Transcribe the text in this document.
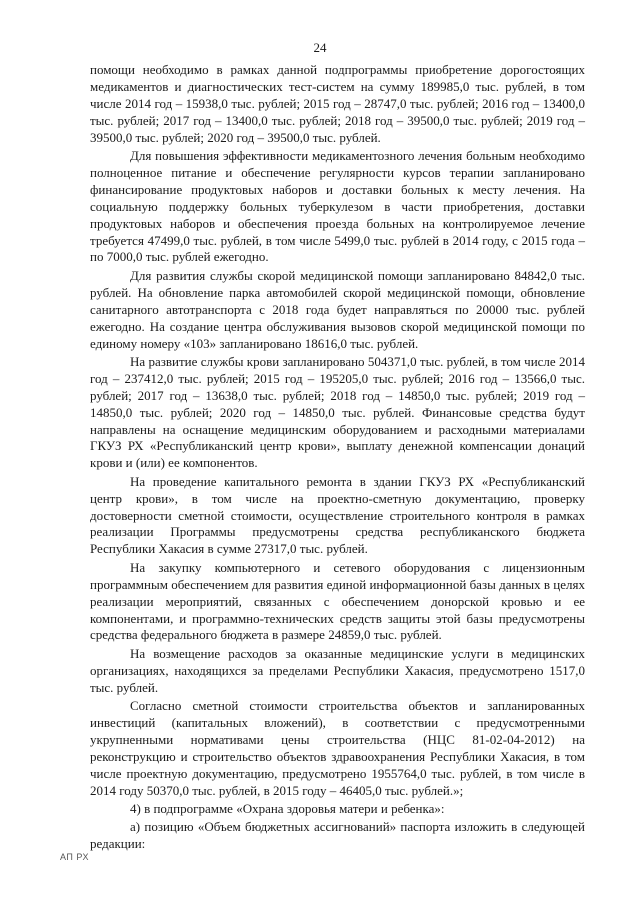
24

помощи необходимо в рамках данной подпрограммы приобретение дорогостоящих медикаментов и диагностических тест-систем на сумму 189985,0 тыс. рублей, в том числе 2014 год – 15938,0 тыс. рублей; 2015 год – 28747,0 тыс. рублей; 2016 год – 13400,0 тыс. рублей; 2017 год – 13400,0 тыс. рублей; 2018 год – 39500,0 тыс. рублей; 2019 год – 39500,0 тыс. рублей; 2020 год – 39500,0 тыс. рублей.

Для повышения эффективности медикаментозного лечения больным необходимо полноценное питание и обеспечение регулярности курсов терапии запланировано финансирование продуктовых наборов и доставки больных к месту лечения. На социальную поддержку больных туберкулезом в части приобретения, доставки продуктовых наборов и обеспечения проезда больных на контролируемое лечение требуется 47499,0 тыс. рублей, в том числе 5499,0 тыс. рублей в 2014 году, с 2015 года – по 7000,0 тыс. рублей ежегодно.

Для развития службы скорой медицинской помощи запланировано 84842,0 тыс. рублей. На обновление парка автомобилей скорой медицинской помощи, обновление санитарного автотранспорта с 2018 года будет направляться по 20000 тыс. рублей ежегодно. На создание центра обслуживания вызовов скорой медицинской помощи по единому номеру «103» запланировано 18616,0 тыс. рублей.

На развитие службы крови запланировано 504371,0 тыс. рублей, в том числе 2014 год – 237412,0 тыс. рублей; 2015 год – 195205,0 тыс. рублей; 2016 год – 13566,0 тыс. рублей; 2017 год – 13638,0 тыс. рублей; 2018 год – 14850,0 тыс. рублей; 2019 год – 14850,0 тыс. рублей; 2020 год – 14850,0 тыс. рублей. Финансовые средства будут направлены на оснащение медицинским оборудованием и расходными материалами ГКУЗ РХ «Республиканский центр крови», выплату денежной компенсации донаций крови и (или) ее компонентов.

На проведение капитального ремонта в здании ГКУЗ РХ «Республиканский центр крови», в том числе на проектно-сметную документацию, проверку достоверности сметной стоимости, осуществление строительного контроля в рамках реализации Программы предусмотрены средства республиканского бюджета Республики Хакасия в сумме 27317,0 тыс. рублей.

На закупку компьютерного и сетевого оборудования с лицензионным программным обеспечением для развития единой информационной базы данных в целях реализации мероприятий, связанных с обеспечением донорской кровью и ее компонентами, и программно-технических средств защиты этой базы предусмотрены средства федерального бюджета в размере 24859,0 тыс. рублей.

На возмещение расходов за оказанные медицинские услуги в медицинских организациях, находящихся за пределами Республики Хакасия, предусмотрено 1517,0 тыс. рублей.

Согласно сметной стоимости строительства объектов и запланированных инвестиций (капитальных вложений), в соответствии с предусмотренными укрупненными нормативами цены строительства (НЦС 81-02-04-2012) на реконструкцию и строительство объектов здравоохранения Республики Хакасия, в том числе проектную документацию, предусмотрено 1955764,0 тыс. рублей, в том числе в 2014 году 50370,0 тыс. рублей, в 2015 году – 46405,0 тыс. рублей.»;

4) в подпрограмме «Охрана здоровья матери и ребенка»:

а) позицию «Объем бюджетных ассигнований» паспорта изложить в следующей редакции:

АП РХ
